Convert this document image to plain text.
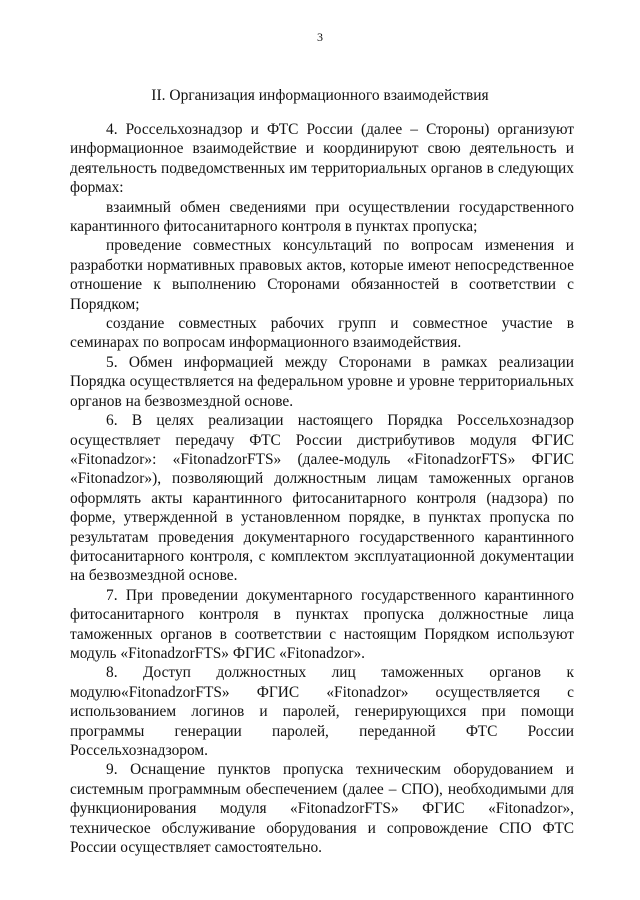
3
II. Организация информационного взаимодействия

4. Россельхознадзор и ФТС России (далее – Стороны) организуют информационное взаимодействие и координируют свою деятельность и деятельность подведомственных им территориальных органов в следующих формах:

взаимный обмен сведениями при осуществлении государственного карантинного фитосанитарного контроля в пунктах пропуска;

проведение совместных консультаций по вопросам изменения и разработки нормативных правовых актов, которые имеют непосредственное отношение к выполнению Сторонами обязанностей в соответствии с Порядком;

создание совместных рабочих групп и совместное участие в семинарах по вопросам информационного взаимодействия.

5. Обмен информацией между Сторонами в рамках реализации Порядка осуществляется на федеральном уровне и уровне территориальных органов на безвозмездной основе.

6. В целях реализации настоящего Порядка Россельхознадзор осуществляет передачу ФТС России дистрибутивов модуля ФГИС «Fitonadzor»: «FitonadzorFTS» (далее-модуль «FitonadzorFTS» ФГИС «Fitonadzor»), позволяющий должностным лицам таможенных органов оформлять акты карантинного фитосанитарного контроля (надзора) по форме, утвержденной в установленном порядке, в пунктах пропуска по результатам проведения документарного государственного карантинного фитосанитарного контроля, с комплектом эксплуатационной документации на безвозмездной основе.

7. При проведении документарного государственного карантинного фитосанитарного контроля в пунктах пропуска должностные лица таможенных органов в соответствии с настоящим Порядком используют модуль «FitonadzorFTS» ФГИС «Fitonadzor».

8. Доступ должностных лиц таможенных органов к модулю«FitonadzorFTS» ФГИС «Fitonadzor» осуществляется с использованием логинов и паролей, генерирующихся при помощи программы генерации паролей, переданной ФТС России Россельхознадзором.

9. Оснащение пунктов пропуска техническим оборудованием и системным программным обеспечением (далее – СПО), необходимыми для функционирования модуля «FitonadzorFTS» ФГИС «Fitonadzor», техническое обслуживание оборудования и сопровождение СПО ФТС России осуществляет самостоятельно.
